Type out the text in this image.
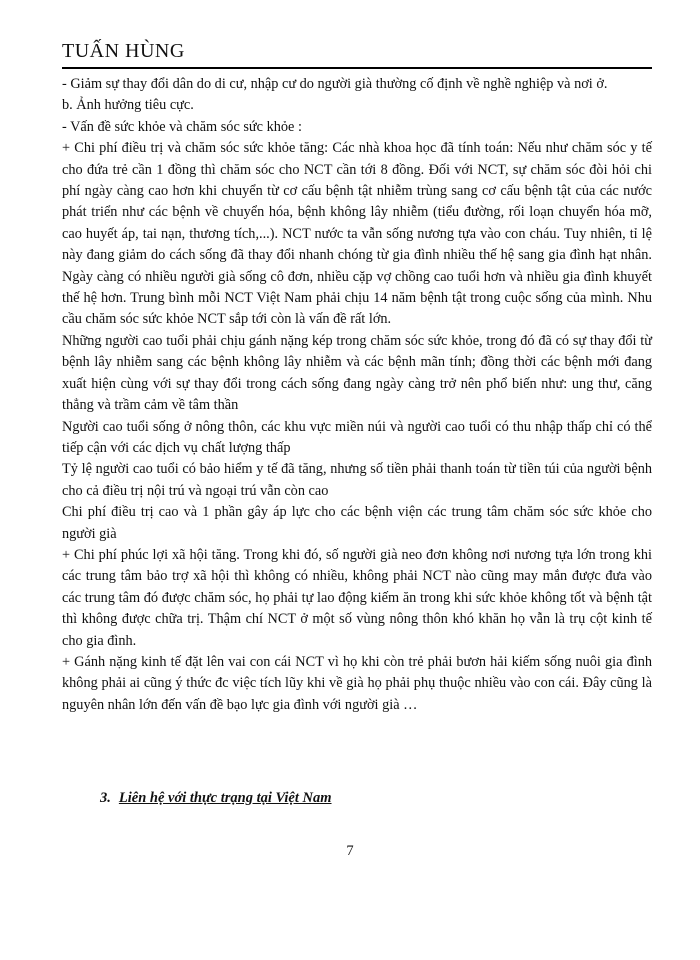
TUẤN HÙNG

- Giảm sự thay đổi dân do di cư, nhập cư do người già thường cố định về nghề nghiệp và nơi ở.

b. Ảnh hưởng tiêu cực.

- Vấn đề sức khỏe và chăm sóc sức khỏe :

+ Chi phí điều trị và chăm sóc sức khỏe tăng: Các nhà khoa học đã tính toán: Nếu như chăm sóc y tế cho đứa trẻ cần 1 đồng thì chăm sóc cho NCT cần tới 8 đồng. Đối với NCT, sự chăm sóc đòi hỏi chi phí ngày càng cao hơn khi chuyển từ cơ cấu bệnh tật nhiễm trùng sang cơ cấu bệnh tật của các nước phát triển như các bệnh về chuyển hóa, bệnh không lây nhiễm (tiểu đường, rối loạn chuyển hóa mỡ, cao huyết áp, tai nạn, thương tích,...). NCT nước ta vẫn sống nương tựa vào con cháu. Tuy nhiên, tỉ lệ này đang giảm do cách sống đã thay đổi nhanh chóng từ gia đình nhiều thế hệ sang gia đình hạt nhân. Ngày càng có nhiều người già sống cô đơn, nhiều cặp vợ chồng cao tuổi hơn và nhiều gia đình khuyết thế hệ hơn. Trung bình mỗi NCT Việt Nam phải chịu 14 năm bệnh tật trong cuộc sống của mình. Nhu cầu chăm sóc sức khỏe NCT sắp tới còn là vấn đề rất lớn.

Những người cao tuổi phải chịu gánh nặng kép trong chăm sóc sức khỏe, trong đó đã có sự thay đổi từ bệnh lây nhiễm sang các bệnh không lây nhiễm và các bệnh mãn tính; đồng thời các bệnh mới đang xuất hiện cùng với sự thay đổi trong cách sống đang ngày càng trở nên phổ biến như: ung thư, căng thẳng và trầm cảm về tâm thần

Người cao tuổi sống ở nông thôn, các khu vực miền núi và người cao tuổi có thu nhập thấp chỉ có thể tiếp cận với các dịch vụ chất lượng thấp

Tỷ lệ người cao tuổi có bảo hiểm y tế đã tăng, nhưng số tiền phải thanh toán từ tiền túi của người bệnh cho cả điều trị nội trú và ngoại trú vẫn còn cao

Chi phí điều trị cao và 1 phần gây áp lực cho các bệnh viện các trung tâm chăm sóc sức khỏe cho người già

+ Chi phí phúc lợi xã hội tăng. Trong khi đó, số người già neo đơn không nơi nương tựa lớn trong khi các trung tâm bảo trợ xã hội thì không có nhiều, không phải NCT nào cũng may mắn được đưa vào các trung tâm đó được chăm sóc, họ phải tự lao động kiếm ăn trong khi sức khỏe không tốt và bệnh tật thì không được chữa trị. Thậm chí NCT ở một số vùng nông thôn khó khăn họ vẫn là trụ cột kinh tế cho gia đình.

+ Gánh nặng kinh tế đặt lên vai con cái NCT vì họ khi còn trẻ phải bươn hải kiếm sống nuôi gia đình không phải ai cũng ý thức đc việc tích lũy khi về già họ phải phụ thuộc nhiều vào con cái. Đây cũng là nguyên nhân lớn đến vấn đề bạo lực gia đình với người già …

3. Liên hệ với thực trạng tại Việt Nam
7
